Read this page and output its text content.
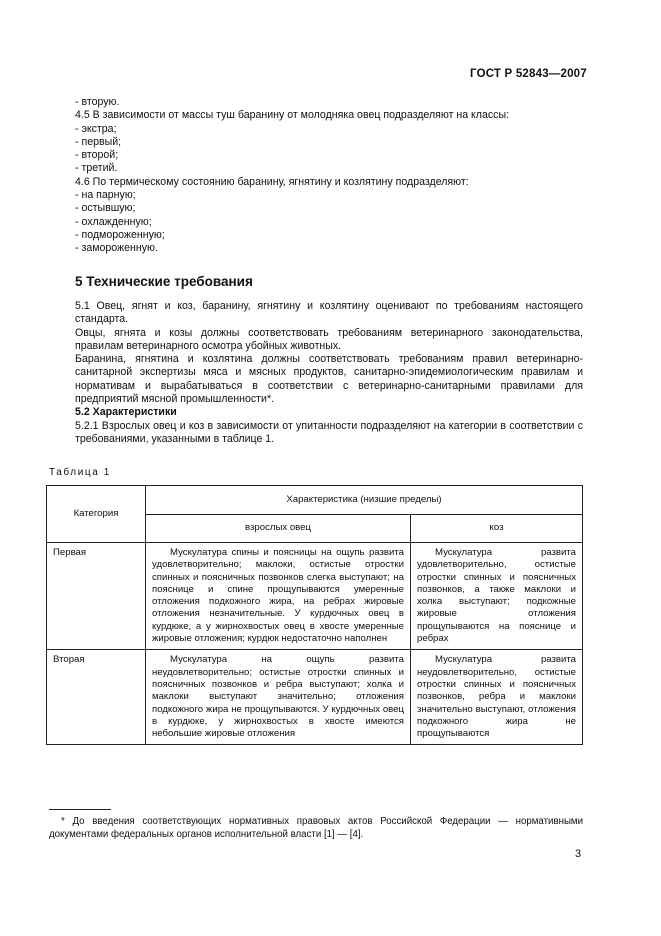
ГОСТ Р 52843—2007
- вторую.
4.5 В зависимости от массы туш баранину от молодняка овец подразделяют на классы:
- экстра;
- первый;
- второй;
- третий.
4.6 По термическому состоянию баранину, ягнятину и козлятину подразделяют:
- на парную;
- остывшую;
- охлажденную;
- подмороженную;
- замороженную.
5 Технические требования

5.1 Овец, ягнят и коз, баранину, ягнятину и козлятину оценивают по требованиям настоящего стандарта.

Овцы, ягнята и козы должны соответствовать требованиям ветеринарного законодательства, правилам ветеринарного осмотра убойных животных.

Баранина, ягнятина и козлятина должны соответствовать требованиям правил ветеринарно-санитарной экспертизы мяса и мясных продуктов, санитарно-эпидемиологическим правилам и нормативам и вырабатываться в соответствии с ветеринарно-санитарными правилами для предприятий мясной промышленности*.

5.2 Характеристики

5.2.1 Взрослых овец и коз в зависимости от упитанности подразделяют на категории в соответствии с требованиями, указанными в таблице 1.

Таблица 1
Категория	Характеристика (низшие пределы)	
	взрослых овец	коз
Первая	Мускулатура спины и поясницы на ощупь развита удовлетворительно; маклоки, остистые отростки спинных и поясничных позвонков слегка выступают; на пояснице и спине прощупываются умеренные отложения подкожного жира, на ребрах жировые отложения незначительные. У курдючных овец в курдюке, а у жирнохвостых овец в хвосте умеренные жировые отложения; курдюк недостаточно наполнен	Мускулатура развита удовлетворительно, остистые отростки спинных и поясничных позвонков, а также маклоки и холка выступают; подкожные жировые отложения прощупываются на пояснице и ребрах
Вторая	Мускулатура на ощупь развита неудовлетворительно; остистые отростки спинных и поясничных позвонков и ребра выступают; холка и маклоки выступают значительно; отложения подкожного жира не прощупываются. У курдючных овец в курдюке, у жирнохвостых в хвосте имеются небольшие жировые отложения	Мускулатура развита неудовлетворительно, остистые отростки спинных и поясничных позвонков, ребра и маклоки значительно выступают, отложения подкожного жира не прощупываются
* До введения соответствующих нормативных правовых актов Российской Федерации — нормативными документами федеральных органов исполнительной власти [1] — [4].
3
